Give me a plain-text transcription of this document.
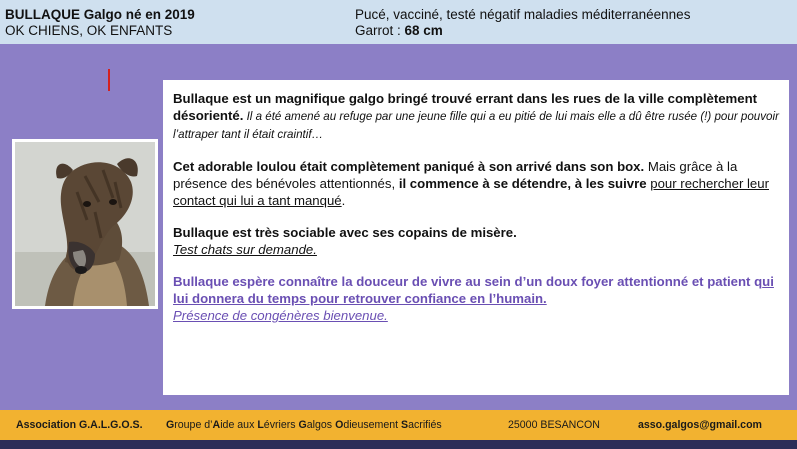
BULLAQUE Galgo né en 2019
OK CHIENS, OK ENFANTS
Pucé, vacciné, testé négatif maladies méditerranéennes
Garrot : 68 cm

Bullaque est un magnifique galgo bringé trouvé errant dans les rues de la ville complètement désorienté. Il a été amené au refuge par une jeune fille qui a eu pitié de lui mais elle a dû être rusée (!) pour pouvoir l’attraper tant il était craintif…

Cet adorable loulou était complètement paniqué à son arrivé dans son box. Mais grâce à la présence des bénévoles attentionnés, il commence à se détendre, à les suivre pour rechercher leur contact qui lui a tant manqué.

Bullaque est très sociable avec ses copains de misère.
Test chats sur demande.

Bullaque espère connaître la douceur de vivre au sein d’un doux foyer attentionné et patient qui lui donnera du temps pour retrouver confiance en l’humain.
Présence de congénères bienvenue.

Association G.A.L.G.O.S. Groupe d’Aide aux Lévriers Galgos Odieusement Sacrifiés	25000 BESANCON	asso.galgos@gmail.com
